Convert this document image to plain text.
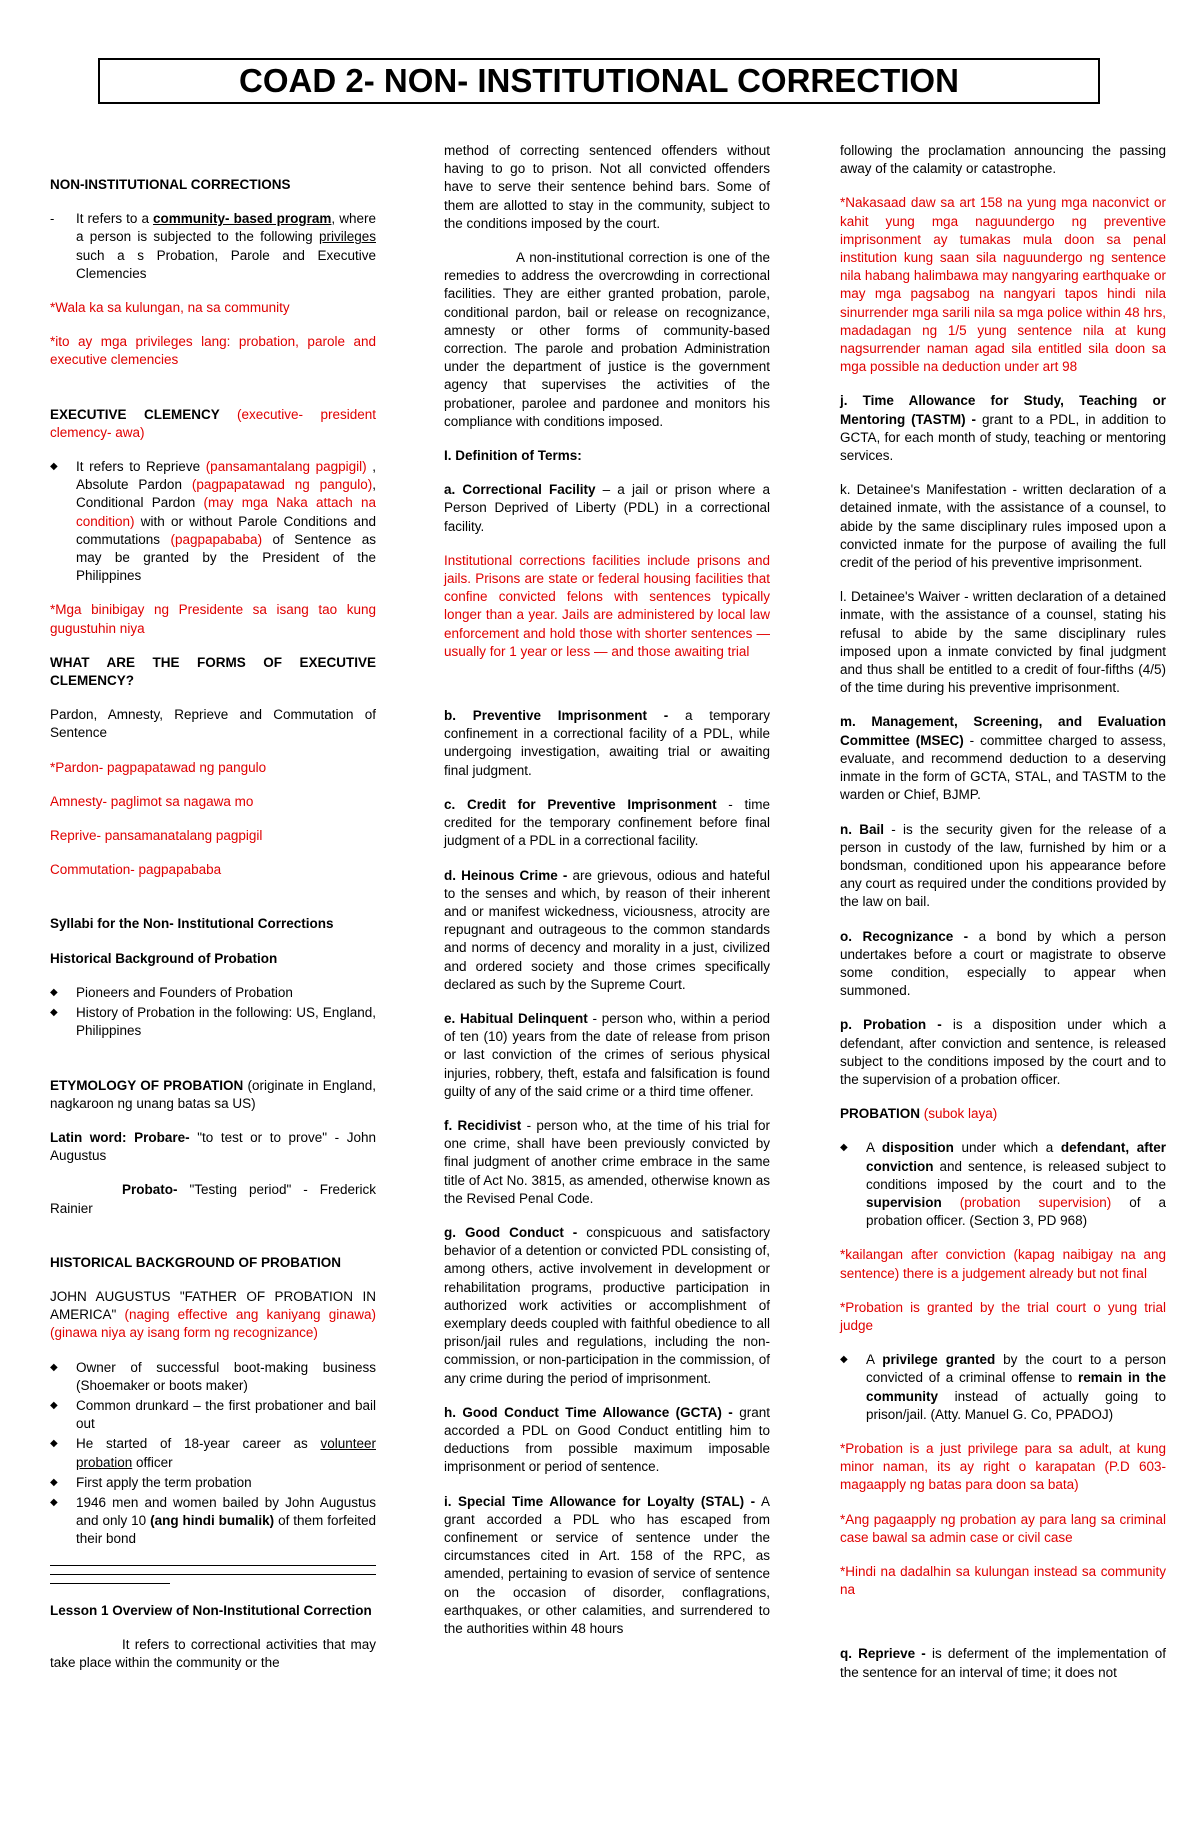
COAD 2- NON- INSTITUTIONAL CORRECTION

NON-INSTITUTIONAL CORRECTIONS

- It refers to a community- based program, where a person is subjected to the following privileges such a s Probation, Parole and Executive Clemencies

*Wala ka sa kulungan, na sa community

*ito ay mga privileges lang: probation, parole and executive clemencies

EXECUTIVE CLEMENCY (executive- president clemency- awa)

◆ It refers to Reprieve (pansamantalang pagpigil) , Absolute Pardon (pagpapatawad ng pangulo), Conditional Pardon (may mga Naka attach na condition) with or without Parole Conditions and commutations (pagpapababa) of Sentence as may be granted by the President of the Philippines

*Mga binibigay ng Presidente sa isang tao kung gugustuhin niya

WHAT ARE THE FORMS OF EXECUTIVE CLEMENCY?

Pardon, Amnesty, Reprieve and Commutation of Sentence

*Pardon- pagpapatawad ng pangulo

Amnesty- paglimot sa nagawa mo

Reprive- pansamanatalang pagpigil

Commutation- pagpapababa

Syllabi for the Non- Institutional Corrections

Historical Background of Probation

◆ Pioneers and Founders of Probation
◆ History of Probation in the following: US, England, Philippines

ETYMOLOGY OF PROBATION (originate in England, nagkaroon ng unang batas sa US)

Latin word: Probare- "to test or to prove" - John Augustus

Probato- "Testing period" - Frederick Rainier

HISTORICAL BACKGROUND OF PROBATION

JOHN AUGUSTUS "FATHER OF PROBATION IN AMERICA" (naging effective ang kaniyang ginawa) (ginawa niya ay isang form ng recognizance)

◆ Owner of successful boot-making business (Shoemaker or boots maker)
◆ Common drunkard – the first probationer and bail out
◆ He started of 18-year career as volunteer probation officer
◆ First apply the term probation
◆ 1946 men and women bailed by John Augustus and only 10 (ang hindi bumalik) of them forfeited their bond

Lesson 1 Overview of Non-Institutional Correction

It refers to correctional activities that may take place within the community or the

method of correcting sentenced offenders without having to go to prison. Not all convicted offenders have to serve their sentence behind bars. Some of them are allotted to stay in the community, subject to the conditions imposed by the court.

A non-institutional correction is one of the remedies to address the overcrowding in correctional facilities. They are either granted probation, parole, conditional pardon, bail or release on recognizance, amnesty or other forms of community-based correction. The parole and probation Administration under the department of justice is the government agency that supervises the activities of the probationer, parolee and pardonee and monitors his compliance with conditions imposed.

I. Definition of Terms:

a. Correctional Facility – a jail or prison where a Person Deprived of Liberty (PDL) in a correctional facility.

Institutional corrections facilities include prisons and jails. Prisons are state or federal housing facilities that confine convicted felons with sentences typically longer than a year. Jails are administered by local law enforcement and hold those with shorter sentences — usually for 1 year or less — and those awaiting trial

b. Preventive Imprisonment - a temporary confinement in a correctional facility of a PDL, while undergoing investigation, awaiting trial or awaiting final judgment.

c. Credit for Preventive Imprisonment - time credited for the temporary confinement before final judgment of a PDL in a correctional facility.

d. Heinous Crime - are grievous, odious and hateful to the senses and which, by reason of their inherent and or manifest wickedness, viciousness, atrocity are repugnant and outrageous to the common standards and norms of decency and morality in a just, civilized and ordered society and those crimes specifically declared as such by the Supreme Court.

e. Habitual Delinquent - person who, within a period of ten (10) years from the date of release from prison or last conviction of the crimes of serious physical injuries, robbery, theft, estafa and falsification is found guilty of any of the said crime or a third time offener.

f. Recidivist - person who, at the time of his trial for one crime, shall have been previously convicted by final judgment of another crime embrace in the same title of Act No. 3815, as amended, otherwise known as the Revised Penal Code.

g. Good Conduct - conspicuous and satisfactory behavior of a detention or convicted PDL consisting of, among others, active involvement in development or rehabilitation programs, productive participation in authorized work activities or accomplishment of exemplary deeds coupled with faithful obedience to all prison/jail rules and regulations, including the non-commission, or non-participation in the commission, of any crime during the period of imprisonment.

h. Good Conduct Time Allowance (GCTA) - grant accorded a PDL on Good Conduct entitling him to deductions from possible maximum imposable imprisonment or period of sentence.

i. Special Time Allowance for Loyalty (STAL) - A grant accorded a PDL who has escaped from confinement or service of sentence under the circumstances cited in Art. 158 of the RPC, as amended, pertaining to evasion of service of sentence on the occasion of disorder, conflagrations, earthquakes, or other calamities, and surrendered to the authorities within 48 hours

following the proclamation announcing the passing away of the calamity or catastrophe.

*Nakasaad daw sa art 158 na yung mga naconvict or kahit yung mga naguundergo ng preventive imprisonment ay tumakas mula doon sa penal institution kung saan sila naguundergo ng sentence nila habang halimbawa may nangyaring earthquake or may mga pagsabog na nangyari tapos hindi nila sinurrender mga sarili nila sa mga police within 48 hrs, madadagan ng 1/5 yung sentence nila at kung nagsurrender naman agad sila entitled sila doon sa mga possible na deduction under art 98

j. Time Allowance for Study, Teaching or Mentoring (TASTM) - grant to a PDL, in addition to GCTA, for each month of study, teaching or mentoring services.

k. Detainee's Manifestation - written declaration of a detained inmate, with the assistance of a counsel, to abide by the same disciplinary rules imposed upon a convicted inmate for the purpose of availing the full credit of the period of his preventive imprisonment.

l. Detainee's Waiver - written declaration of a detained inmate, with the assistance of a counsel, stating his refusal to abide by the same disciplinary rules imposed upon a inmate convicted by final judgment and thus shall be entitled to a credit of four-fifths (4/5) of the time during his preventive imprisonment.

m. Management, Screening, and Evaluation Committee (MSEC) - committee charged to assess, evaluate, and recommend deduction to a deserving inmate in the form of GCTA, STAL, and TASTM to the warden or Chief, BJMP.

n. Bail - is the security given for the release of a person in custody of the law, furnished by him or a bondsman, conditioned upon his appearance before any court as required under the conditions provided by the law on bail.

o. Recognizance - a bond by which a person undertakes before a court or magistrate to observe some condition, especially to appear when summoned.

p. Probation - is a disposition under which a defendant, after conviction and sentence, is released subject to the conditions imposed by the court and to the supervision of a probation officer.

PROBATION (subok laya)

◆ A disposition under which a defendant, after conviction and sentence, is released subject to conditions imposed by the court and to the supervision (probation supervision) of a probation officer. (Section 3, PD 968)

*kailangan after conviction (kapag naibigay na ang sentence) there is a judgement already but not final

*Probation is granted by the trial court o yung trial judge

◆ A privilege granted by the court to a person convicted of a criminal offense to remain in the community instead of actually going to prison/jail. (Atty. Manuel G. Co, PPADOJ)

*Probation is a just privilege para sa adult, at kung minor naman, its ay right o karapatan (P.D 603- magaapply ng batas para doon sa bata)

*Ang pagaapply ng probation ay para lang sa criminal case bawal sa admin case or civil case

*Hindi na dadalhin sa kulungan instead sa community na

q. Reprieve - is deferment of the implementation of the sentence for an interval of time; it does not
